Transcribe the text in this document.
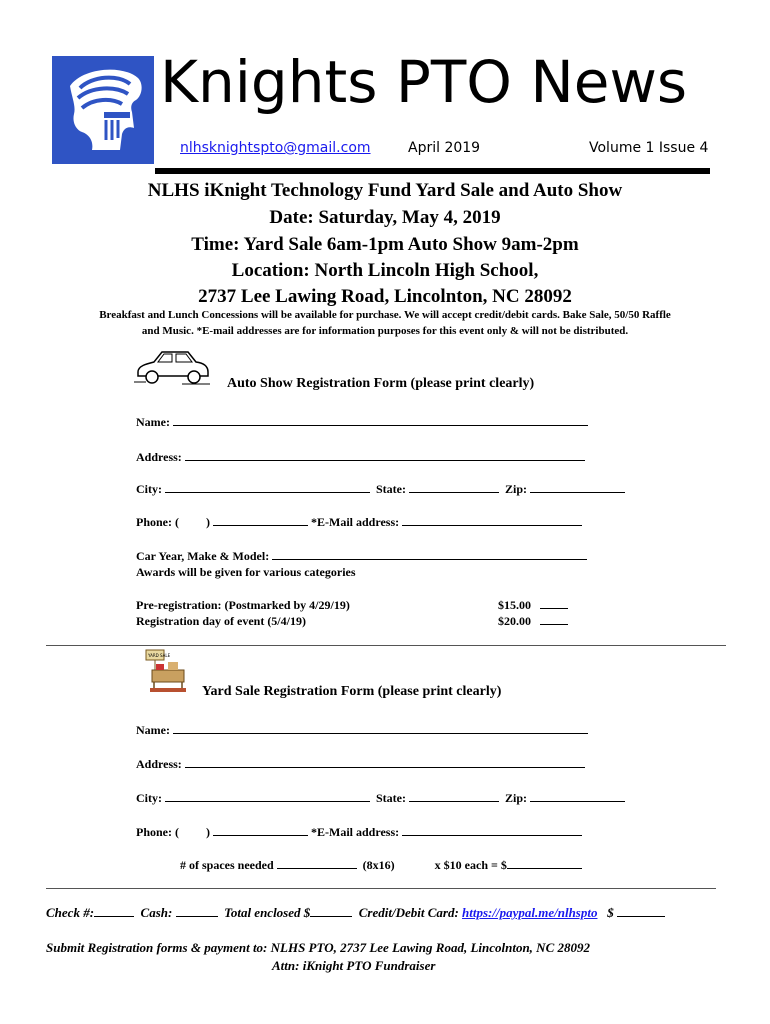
Knights PTO News
nlhsknightspto@gmail.com	April 2019	Volume 1 Issue 4
NLHS iKnight Technology Fund Yard Sale and Auto Show
Date: Saturday, May 4, 2019
Time: Yard Sale 6am-1pm Auto Show 9am-2pm
Location: North Lincoln High School,
2737 Lee Lawing Road, Lincolnton, NC 28092
Breakfast and Lunch Concessions will be available for purchase. We will accept credit/debit cards. Bake Sale, 50/50 Raffle
and Music. *E-mail addresses are for information purposes for this event only & will not be distributed.
Auto Show Registration Form (please print clearly)
Name:
Address:
City:	State:	Zip:
Phone: ( )	*E-Mail address:
Car Year, Make & Model:
Awards will be given for various categories
Pre-registration: (Postmarked by 4/29/19)	$15.00
Registration day of event (5/4/19)	$20.00
YARD SALE
Yard Sale Registration Form (please print clearly)
Name:
Address:
City:	State:	Zip:
Phone: ( )	*E-Mail address:
# of spaces needed	(8x16)	x $10 each = $
Check #:	Cash:	Total enclosed $	Credit/Debit Card: https://paypal.me/nlhspto $
Submit Registration forms & payment to: NLHS PTO, 2737 Lee Lawing Road, Lincolnton, NC 28092
Attn: iKnight PTO Fundraiser
